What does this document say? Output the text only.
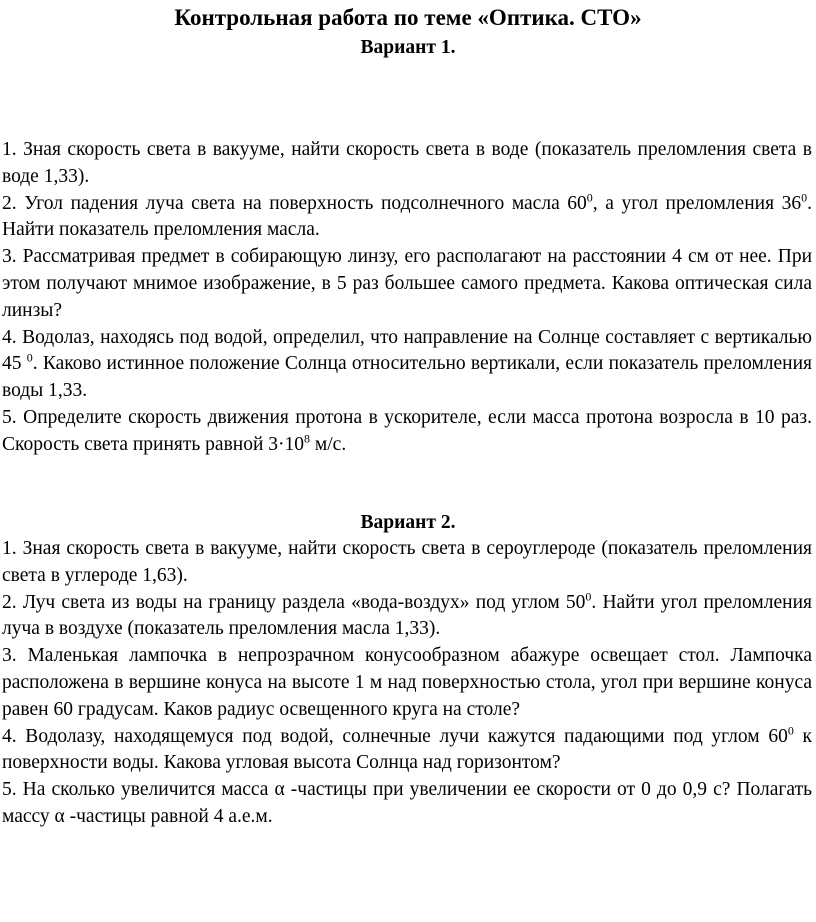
Контрольная работа по теме «Оптика. СТО»
Вариант 1.

1. Зная скорость света в вакууме, найти скорость света в воде (показатель преломления света в воде 1,33).

2. Угол падения луча света на поверхность подсолнечного масла $60^0$, а угол преломления $36^0$. Найти показатель преломления масла.

3. Рассматривая предмет в собирающую линзу, его располагают на расстоянии 4 см от нее. При этом получают мнимое изображение, в 5 раз большее самого предмета. Какова оптическая сила линзы?

4. Водолаз, находясь под водой, определил, что направление на Солнце составляет с вертикалью 45 $^0$. Каково истинное положение Солнца относительно вертикали, если показатель преломления воды 1,33.

5. Определите скорость движения протона в ускорителе, если масса протона возросла в 10 раз. Скорость света принять равной $3\cdot 10^8$ м/с.

Вариант 2.

1. Зная скорость света в вакууме, найти скорость света в сероуглероде (показатель преломления света в углероде 1,63).

2. Луч света из воды на границу раздела «вода-воздух» под углом $50^0$. Найти угол преломления луча в воздухе (показатель преломления масла 1,33).

3. Маленькая лампочка в непрозрачном конусообразном абажуре освещает стол. Лампочка расположена в вершине конуса на высоте 1 м над поверхностью стола, угол при вершине конуса равен 60 градусам. Каков радиус освещенного круга на столе?

4. Водолазу, находящемуся под водой, солнечные лучи кажутся падающими под углом $60^0$ к поверхности воды. Какова угловая высота Солнца над горизонтом?

5. На сколько увеличится масса α -частицы при увеличении ее скорости от 0 до 0,9 с? Полагать массу α -частицы равной 4 а.е.м.
